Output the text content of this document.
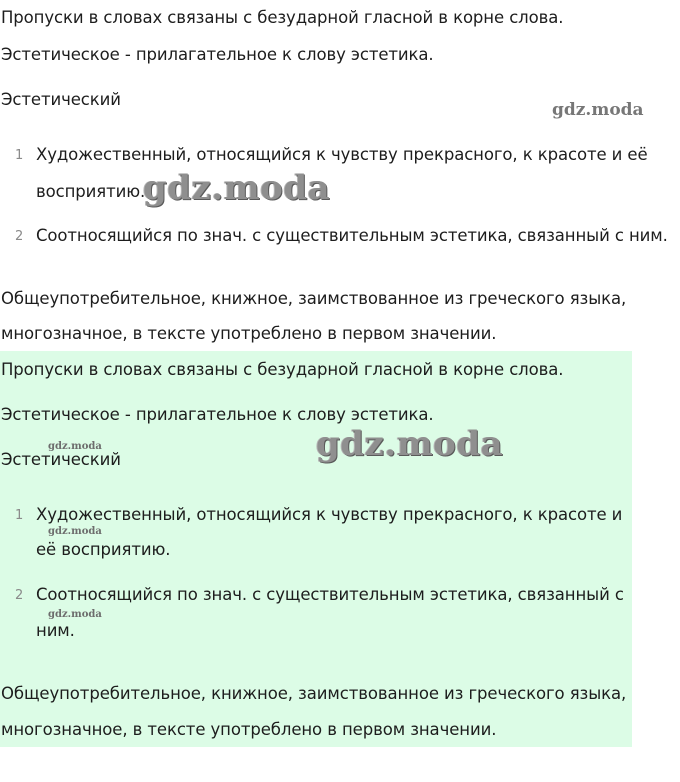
Пропуски в словах связаны с безударной гласной в корне слова.
Эстетическое - прилагательное к слову эстетика.
Эстетический
1 Художественный, относящийся к чувству прекрасного, к красоте и её
восприятию.
2 Соотносящийся по знач. с существительным эстетика, связанный с ним.
Общеупотребительное, книжное, заимствованное из греческого языка,
многозначное, в тексте употреблено в первом значении.
gdz.moda
gdz.moda
Пропуски в словах связаны с безударной гласной в корне слова.
Эстетическое - прилагательное к слову эстетика.
Эстетический
1 Художественный, относящийся к чувству прекрасного, к красоте и
её восприятию.
2 Соотносящийся по знач. с существительным эстетика, связанный с
ним.
Общеупотребительное, книжное, заимствованное из греческого языка,
многозначное, в тексте употреблено в первом значении.
gdz.moda	gdz.moda
gdz.moda
gdz.moda
